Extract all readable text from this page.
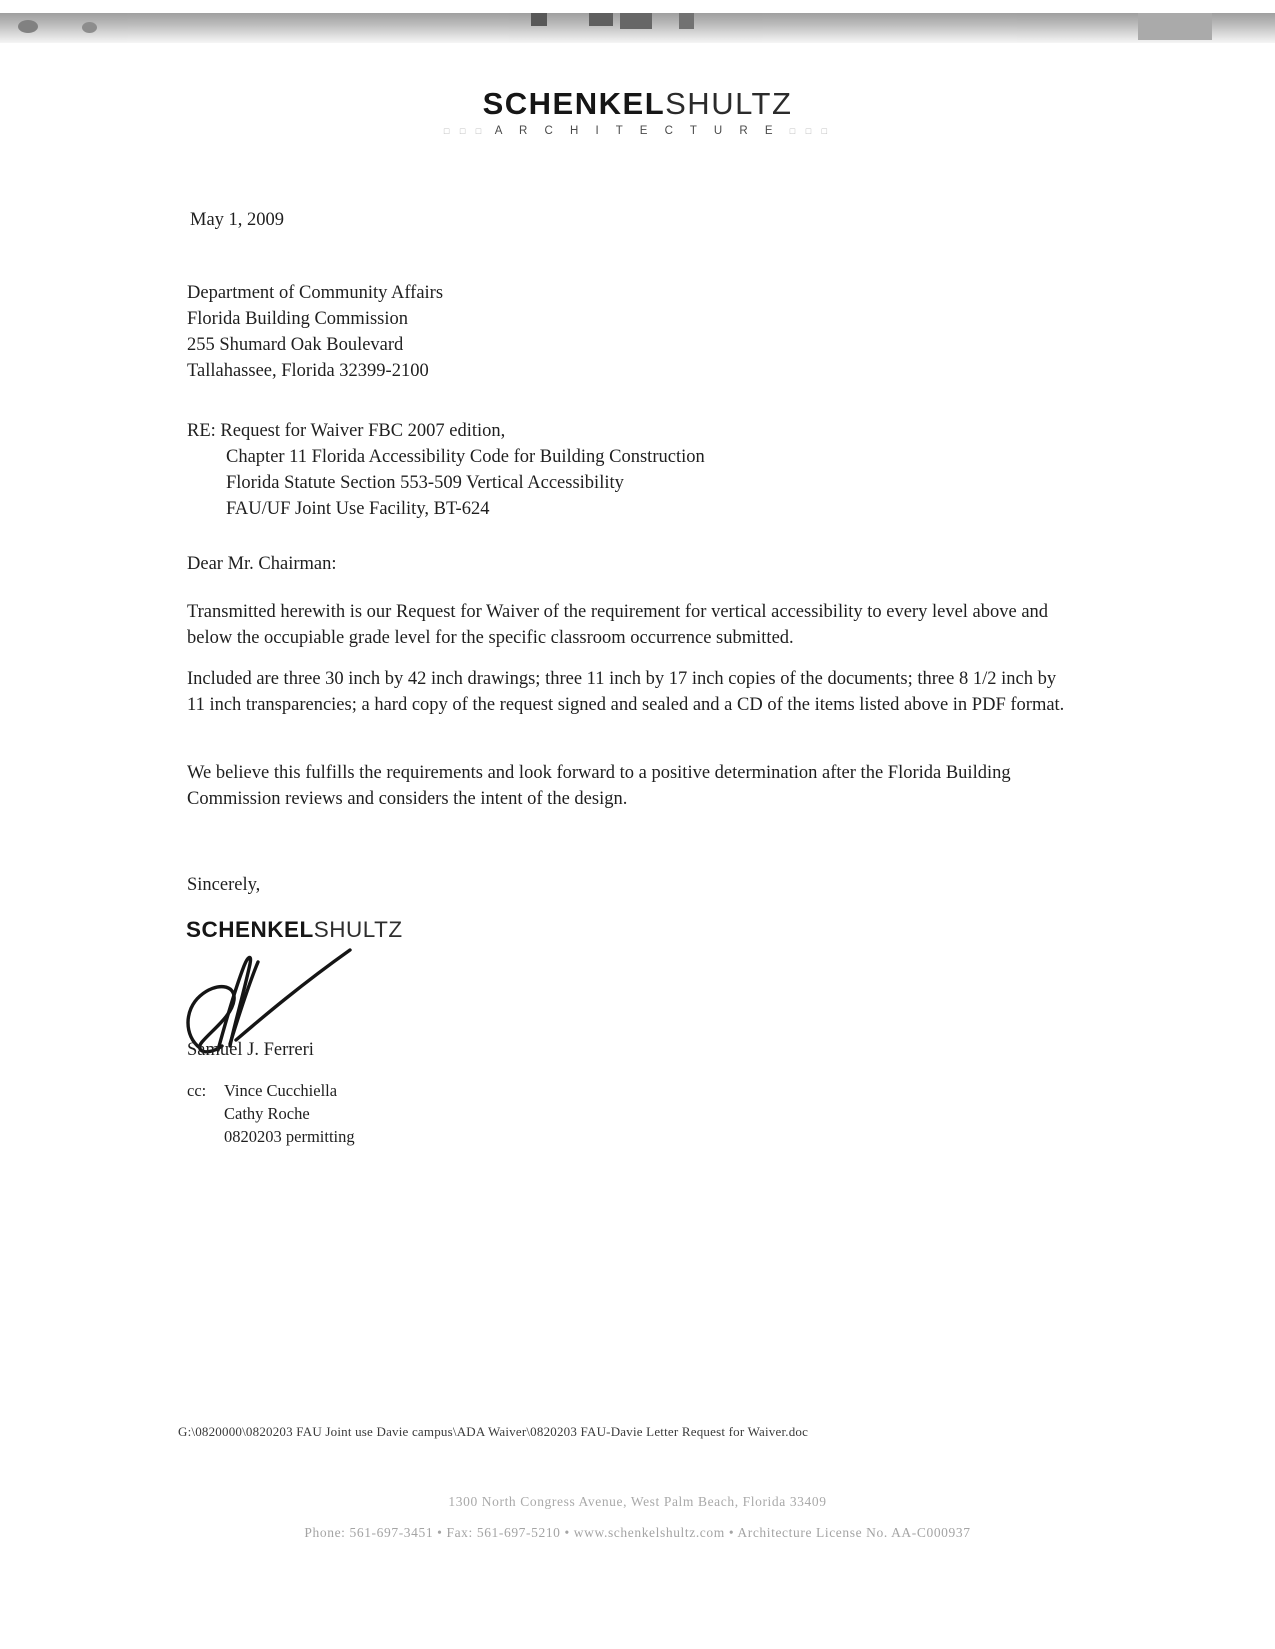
SCHENKELSHULTZ
□ □ □ A R C H I T E C T U R E □ □ □
May 1, 2009
Department of Community Affairs
Florida Building Commission
255 Shumard Oak Boulevard
Tallahassee, Florida 32399-2100
RE: Request for Waiver FBC 2007 edition,
Chapter 11 Florida Accessibility Code for Building Construction
Florida Statute Section 553-509 Vertical Accessibility
FAU/UF Joint Use Facility, BT-624
Dear Mr. Chairman:
Transmitted herewith is our Request for Waiver of the requirement for vertical accessibility to every level above and below the occupiable grade level for the specific classroom occurrence submitted.
Included are three 30 inch by 42 inch drawings; three 11 inch by 17 inch copies of the documents; three 8 1/2 inch by 11 inch transparencies; a hard copy of the request signed and sealed and a CD of the items listed above in PDF format.
We believe this fulfills the requirements and look forward to a positive determination after the Florida Building Commission reviews and considers the intent of the design.
Sincerely,
SCHENKELSHULTZ
Samuel J. Ferreri
cc:	Vince Cucchiella
Cathy Roche
0820203 permitting
G:\0820000\0820203 FAU Joint use Davie campus\ADA Waiver\0820203 FAU-Davie Letter Request for Waiver.doc
1300 North Congress Avenue, West Palm Beach, Florida 33409
Phone: 561-697-3451 • Fax: 561-697-5210 • www.schenkelshultz.com • Architecture License No. AA-C000937
